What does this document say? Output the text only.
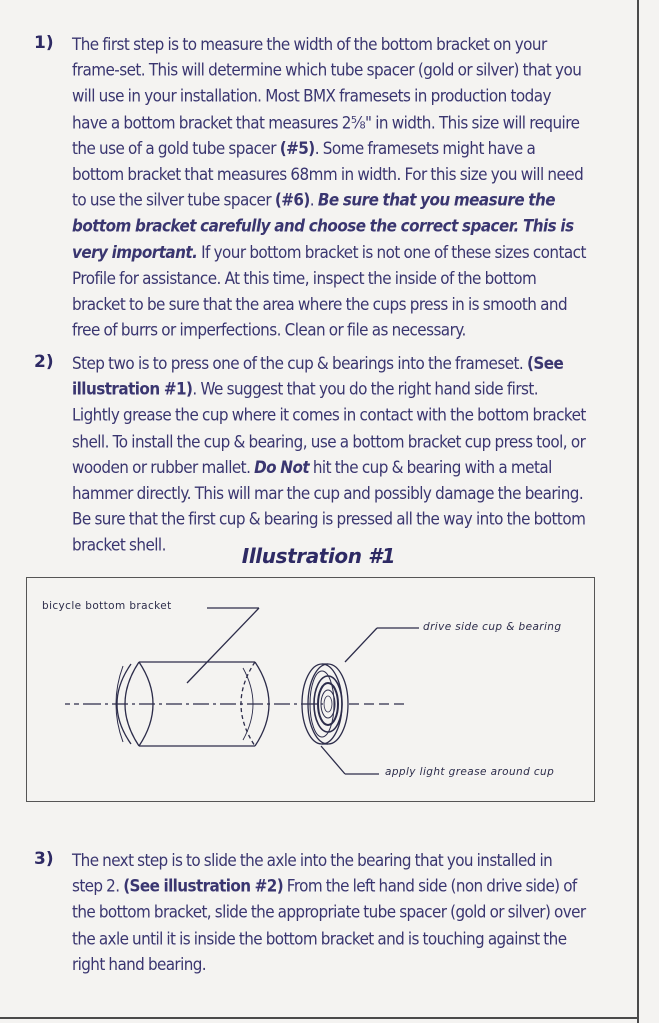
1)	The first step is to measure the width of the bottom bracket on your frame-set. This will determine which tube spacer (gold or silver) that you will use in your installation. Most BMX framesets in production today have a bottom bracket that measures 2⅝" in width. This size will require the use of a gold tube spacer (#5). Some framesets might have a bottom bracket that measures 68mm in width. For this size you will need to use the silver tube spacer (#6). Be sure that you measure the bottom bracket carefully and choose the correct spacer. This is very important. If your bottom bracket is not one of these sizes contact Profile for assistance. At this time, inspect the inside of the bottom bracket to be sure that the area where the cups press in is smooth and free of burrs or imperfections. Clean or file as necessary.
2)	Step two is to press one of the cup & bearings into the frameset. (See illustration #1). We suggest that you do the right hand side first. Lightly grease the cup where it comes in contact with the bottom bracket shell. To install the cup & bearing, use a bottom bracket cup press tool, or wooden or rubber mallet. Do Not hit the cup & bearing with a metal hammer directly. This will mar the cup and possibly damage the bearing. Be sure that the first cup & bearing is pressed all the way into the bottom bracket shell.	Illustration #1
bicycle bottom bracket
drive side cup & bearing
apply light grease around cup
3)	The next step is to slide the axle into the bearing that you installed in step 2. (See illustration #2) From the left hand side (non drive side) of the bottom bracket, slide the appropriate tube spacer (gold or silver) over the axle until it is inside the bottom bracket and is touching against the right hand bearing.
